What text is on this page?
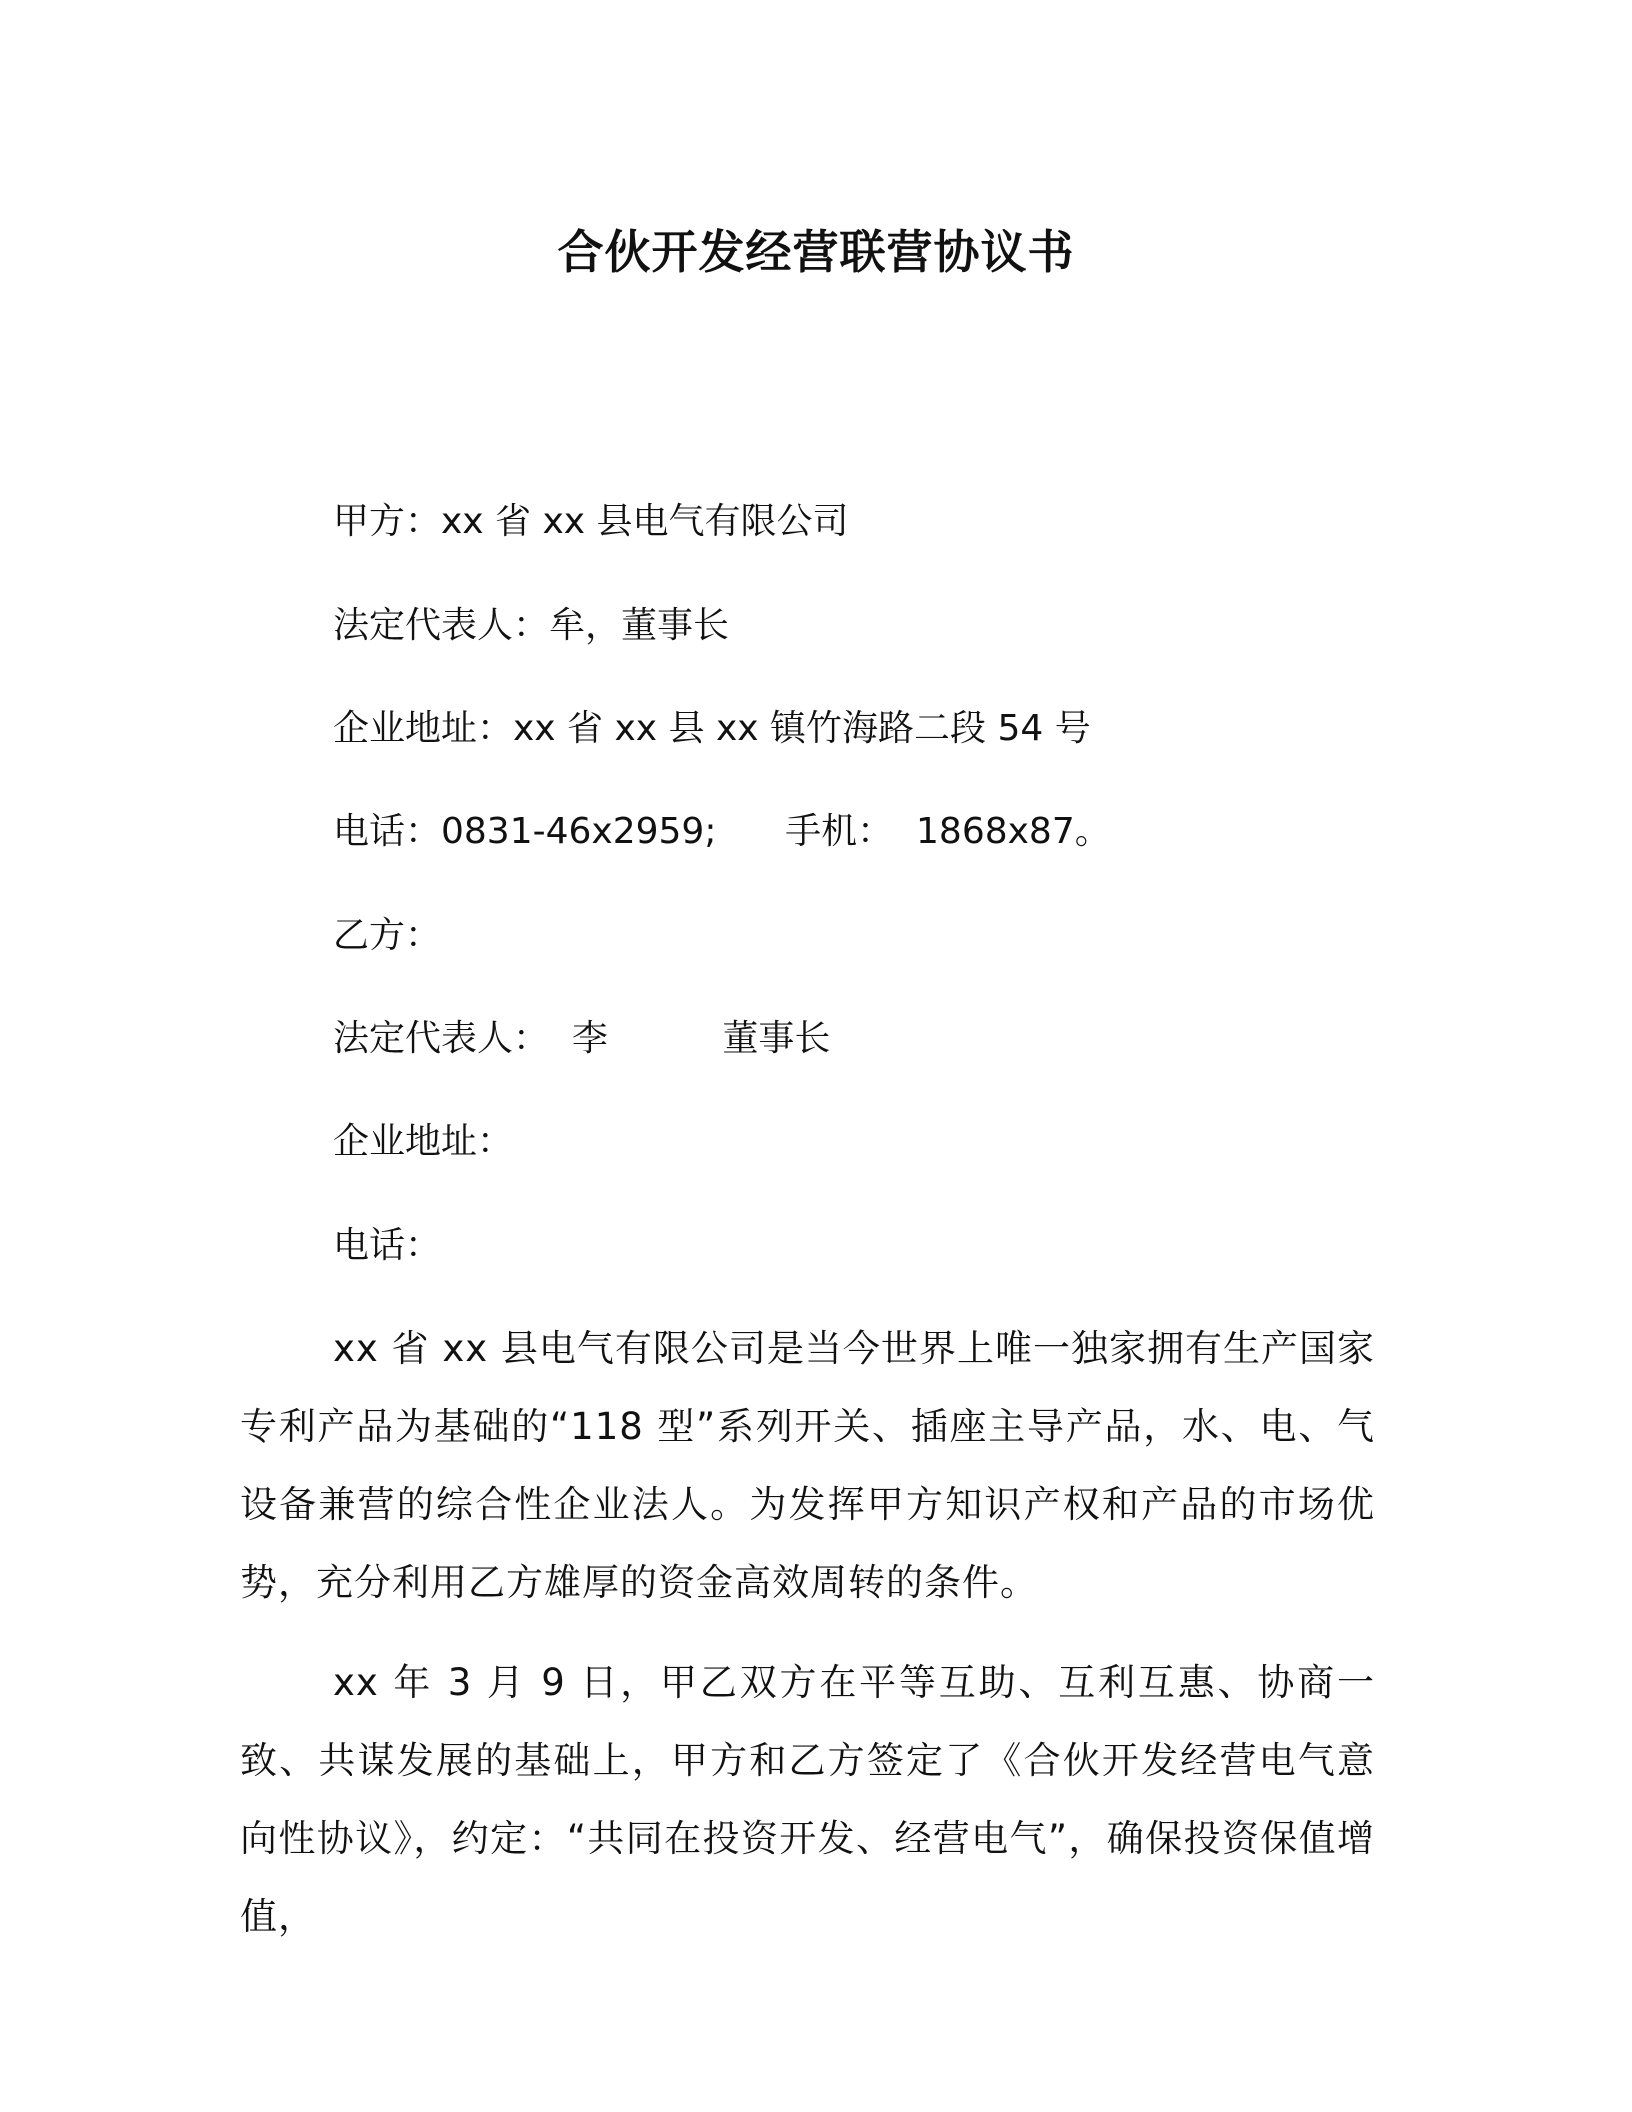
合伙开发经营联营协议书
甲方：xx 省 xx 县电气有限公司
法定代表人：牟，董事长
企业地址：xx 省 xx 县 xx 镇竹海路二段 54 号
电话：0831-46x2959;      手机：  1868x87。
乙方：
法定代表人：  李          董事长
企业地址：
电话：
xx 省 xx 县电气有限公司是当今世界上唯一独家拥有生产国家专利产品为基础的“118 型”系列开关、插座主导产品，水、电、气设备兼营的综合性企业法人。为发挥甲方知识产权和产品的市场优势，充分利用乙方雄厚的资金高效周转的条件。
xx 年 3 月 9 日，甲乙双方在平等互助、互利互惠、协商一致、共谋发展的基础上，甲方和乙方签定了《合伙开发经营电气意向性协议》，约定：“共同在投资开发、经营电气”，确保投资保值增值，
